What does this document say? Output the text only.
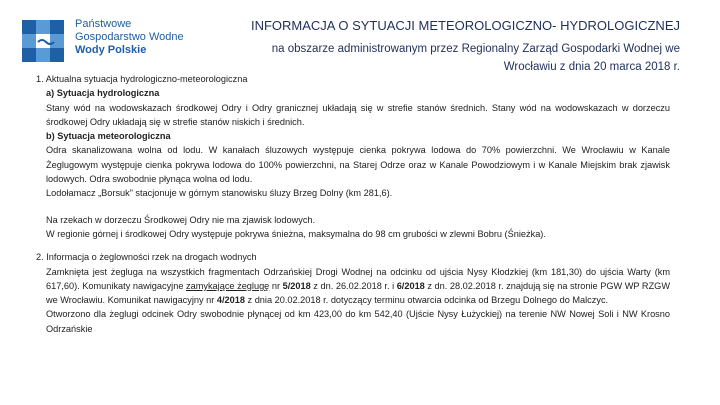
Państwowe
Gospodarstwo Wodne
Wody Polskie
INFORMACJA O SYTUACJI METEOROLOGICZNO- HYDROLOGICZNEJ
na obszarze administrowanym przez Regionalny Zarząd Gospodarki Wodnej we
Wrocławiu z dnia 20 marca 2018 r.

1. Aktualna sytuacja hydrologiczno-meteorologiczna

a) Sytuacja hydrologiczna

Stany wód na wodowskazach środkowej Odry i Odry granicznej układają się w strefie stanów średnich. Stany wód na wodowskazach w dorzeczu środkowej Odry układają się w strefie stanów niskich i średnich.

b) Sytuacja meteorologiczna

Odra skanalizowana wolna od lodu. W kanałach śluzowych występuje cienka pokrywa lodowa do 70% powierzchni. We Wrocławiu w Kanale Żeglugowym występuje cienka pokrywa lodowa do 100% powierzchni, na Starej Odrze oraz w Kanale Powodziowym i w Kanale Miejskim brak zjawisk lodowych. Odra swobodnie płynąca wolna od lodu.

Lodołamacz „Borsuk” stacjonuje w górnym stanowisku śluzy Brzeg Dolny (km 281,6).

Na rzekach w dorzeczu Środkowej Odry nie ma zjawisk lodowych.

W regionie górnej i środkowej Odry występuje pokrywa śnieżna, maksymalna do 98 cm grubości w zlewni Bobru (Śnieżka).

2. Informacja o żeglowności rzek na drogach wodnych

Zamknięta jest żegluga na wszystkich fragmentach Odrzańskiej Drogi Wodnej na odcinku od ujścia Nysy Kłodzkiej (km 181,30) do ujścia Warty (km 617,60). Komunikaty nawigacyjne zamykające żeglugę nr 5/2018 z dn. 26.02.2018 r. i 6/2018 z dn. 28.02.2018 r. znajdują się na stronie PGW WP RZGW we Wrocławiu. Komunikat nawigacyjny nr 4/2018 z dnia 20.02.2018 r. dotyczący terminu otwarcia odcinka od Brzegu Dolnego do Malczyc.

Otworzono dla żeglugi odcinek Odry swobodnie płynącej od km 423,00 do km 542,40 (Ujście Nysy Łużyckiej) na terenie NW Nowej Soli i NW Krosno Odrzańskie
